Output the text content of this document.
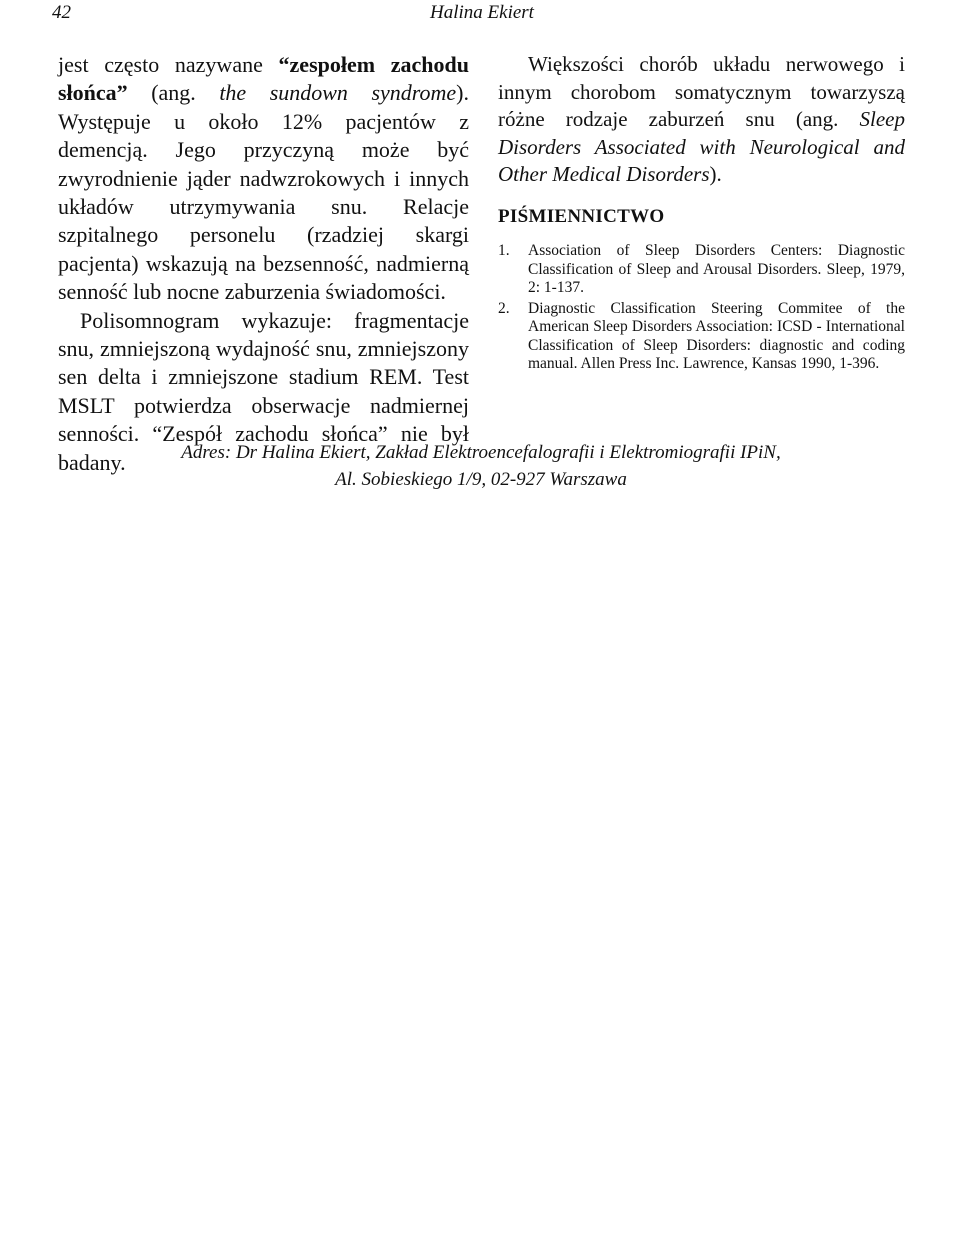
42	Halina Ekiert

jest często nazywane “zespołem zachodu słońca” (ang. the sundown syndrome). Występuje u około 12% pacjentów z demencją. Jego przyczyną może być zwyrodnienie jąder nadwzrokowych i innych układów utrzymywania snu. Relacje szpitalnego personelu (rzadziej skargi pacjenta) wskazują na bezsenność, nadmierną senność lub nocne zaburzenia świadomości.

Polisomnogram wykazuje: fragmentacje snu, zmniejszoną wydajność snu, zmniejszony sen delta i zmniejszone stadium REM. Test MSLT potwierdza obserwacje nadmiernej senności. “Zespół zachodu słońca” nie był badany.

Większości chorób układu nerwowego i innym chorobom somatycznym towarzyszą różne rodzaje zaburzeń snu (ang. Sleep Disorders Associated with Neurological and Other Medical Disorders).

PIŚMIENNICTWO
1.	Association of Sleep Disorders Centers: Diagnostic Classification of Sleep and Arousal Disorders. Sleep, 1979, 2: 1-137.
2.	Diagnostic Classification Steering Commitee of the American Sleep Disorders Association: ICSD - International Classification of Sleep Disorders: diagnostic and coding manual. Allen Press Inc. Lawrence, Kansas 1990, 1-396.
Adres: Dr Halina Ekiert, Zakład Elektroencefalografii i Elektromiografii IPiN,
Al. Sobieskiego 1/9, 02-927 Warszawa
